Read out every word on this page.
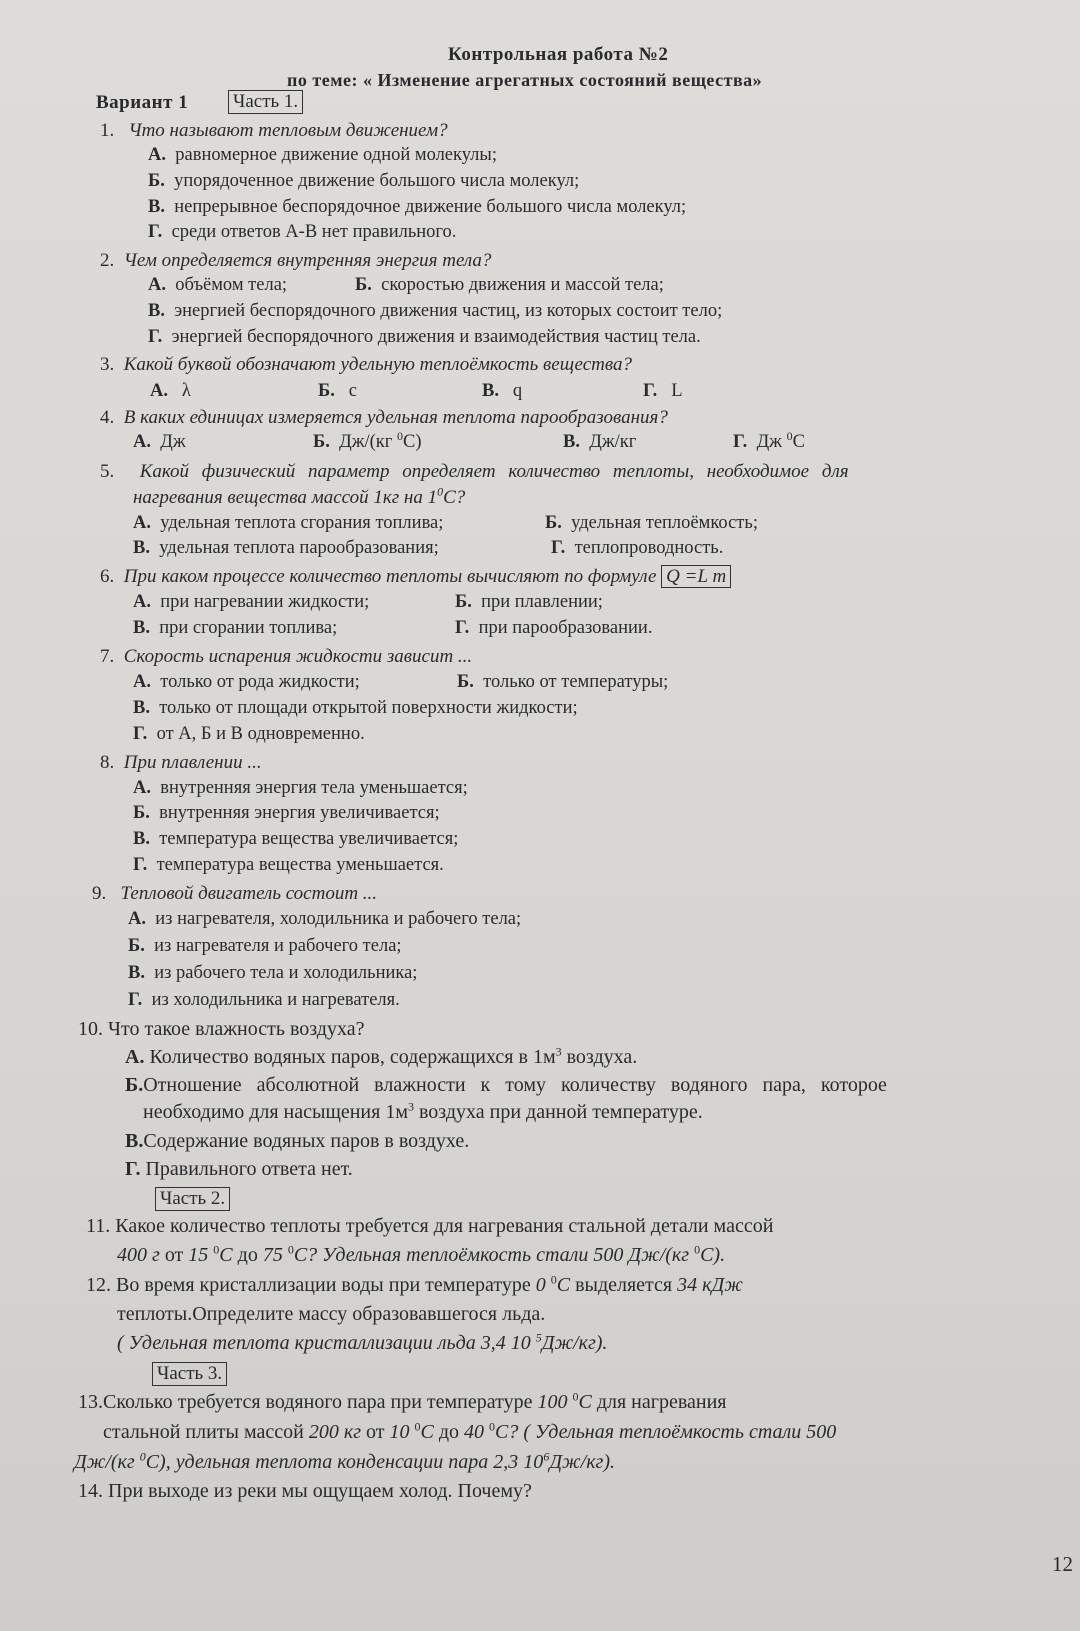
Контрольная работа №2
по теме: « Изменение агрегатных состояний вещества»
Вариант 1 Часть 1.
1. Что называют тепловым движением?
А. равномерное движение одной молекулы;
Б. упорядоченное движение большого числа молекул;
В. непрерывное беспорядочное движение большого числа молекул;
Г. среди ответов А-В нет правильного.
2. Чем определяется внутренняя энергия тела?
А. объёмом тела;	Б. скоростью движения и массой тела;
В. энергией беспорядочного движения частиц, из которых состоит тело;
Г. энергией беспорядочного движения и взаимодействия частиц тела.
3. Какой буквой обозначают удельную теплоёмкость вещества?
А. λ	Б. c	В. q	Г. L
4. В каких единицах измеряется удельная теплота парообразования?
А. Дж	Б. Дж/(кг $^0$С)	В. Дж/кг	Г. Дж $^0$С
5. Какой физический параметр определяет количество теплоты, необходимое для
нагревания вещества массой 1кг на $1^0С$?
А. удельная теплота сгорания топлива;	Б. удельная теплоёмкость;
В. удельная теплота парообразования;	Г. теплопроводность.
6. При каком процессе количество теплоты вычисляют по формуле Q =L m
А. при нагревании жидкости;	Б. при плавлении;
В. при сгорании топлива;	Г. при парообразовании.
7. Скорость испарения жидкости зависит ...
А. только от рода жидкости;	Б. только от температуры;
В. только от площади открытой поверхности жидкости;
Г. от А, Б и В одновременно.
8. При плавлении ...
А. внутренняя энергия тела уменьшается;
Б. внутренняя энергия увеличивается;
В. температура вещества увеличивается;
Г. температура вещества уменьшается.
9. Тепловой двигатель состоит ...
А. из нагревателя, холодильника и рабочего тела;
Б. из нагревателя и рабочего тела;
В. из рабочего тела и холодильника;
Г. из холодильника и нагревателя.
10. Что такое влажность воздуха?
А. Количество водяных паров, содержащихся в $1м^3$ воздуха.
Б.Отношение абсолютной влажности к тому количеству водяного пара, которое
необходимо для насыщения $1м^3$ воздуха при данной температуре.
В.Содержание водяных паров в воздухе.
Г. Правильного ответа нет.
Часть 2.
11. Какое количество теплоты требуется для нагревания стальной детали массой
400 г от 15 $^0$С до 75 $^0$С? Удельная теплоёмкость стали 500 Дж/(кг $^0$С).
12. Во время кристаллизации воды при температуре 0 $^0$С выделяется 34 кДж
теплоты.Определите массу образовавшегося льда.
( Удельная теплота кристаллизации льда 3,4 10 $^5$Дж/кг).
Часть 3.
13.Сколько требуется водяного пара при температуре 100 $^0$С для нагревания
стальной плиты массой 200 кг от 10 $^0$С до 40 $^0$С? ( Удельная теплоёмкость стали 500
Дж/(кг $^0$С), удельная теплота конденсации пара 2,3 $10^6Дж/кг$).
14. При выходе из реки мы ощущаем холод. Почему?
12
